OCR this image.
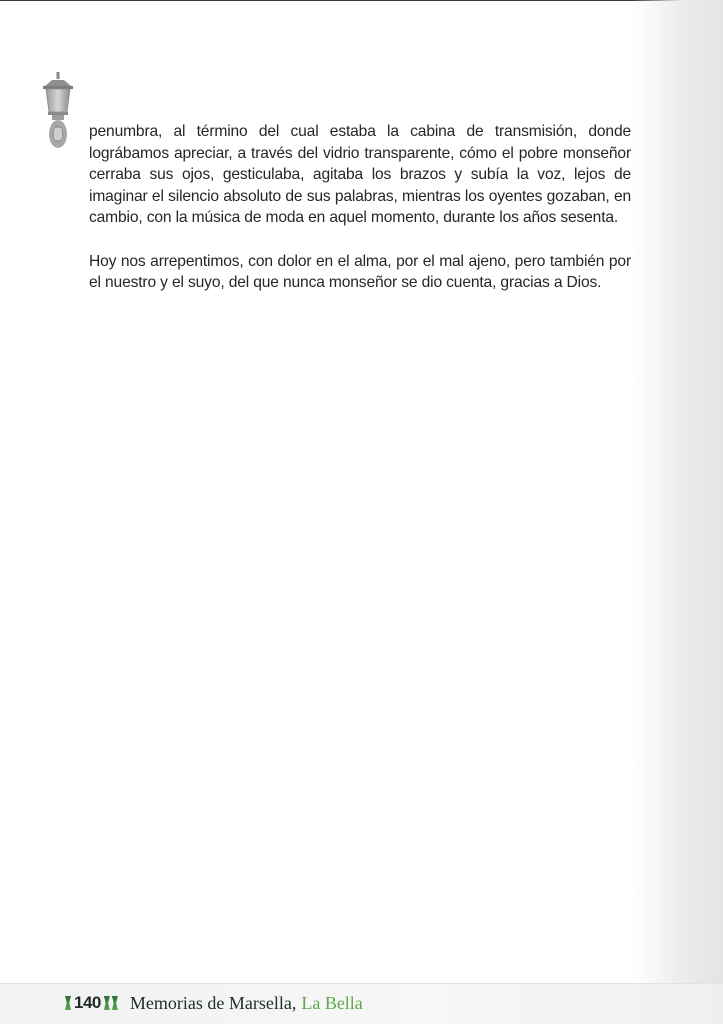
penumbra, al término del cual estaba la cabina de transmisión, donde lográbamos apreciar, a través del vidrio transparente, cómo el pobre monseñor cerraba sus ojos, gesticulaba, agitaba los brazos y subía la voz, lejos de imaginar el silencio absoluto de sus palabras, mientras los oyentes gozaban, en cambio, con la música de moda en aquel momento, durante los años sesenta.

Hoy nos arrepentimos, con dolor en el alma, por el mal ajeno, pero también por el nuestro y el suyo, del que nunca monseñor se dio cuenta, gracias a Dios.

140 Memorias de Marsella, La Bella
